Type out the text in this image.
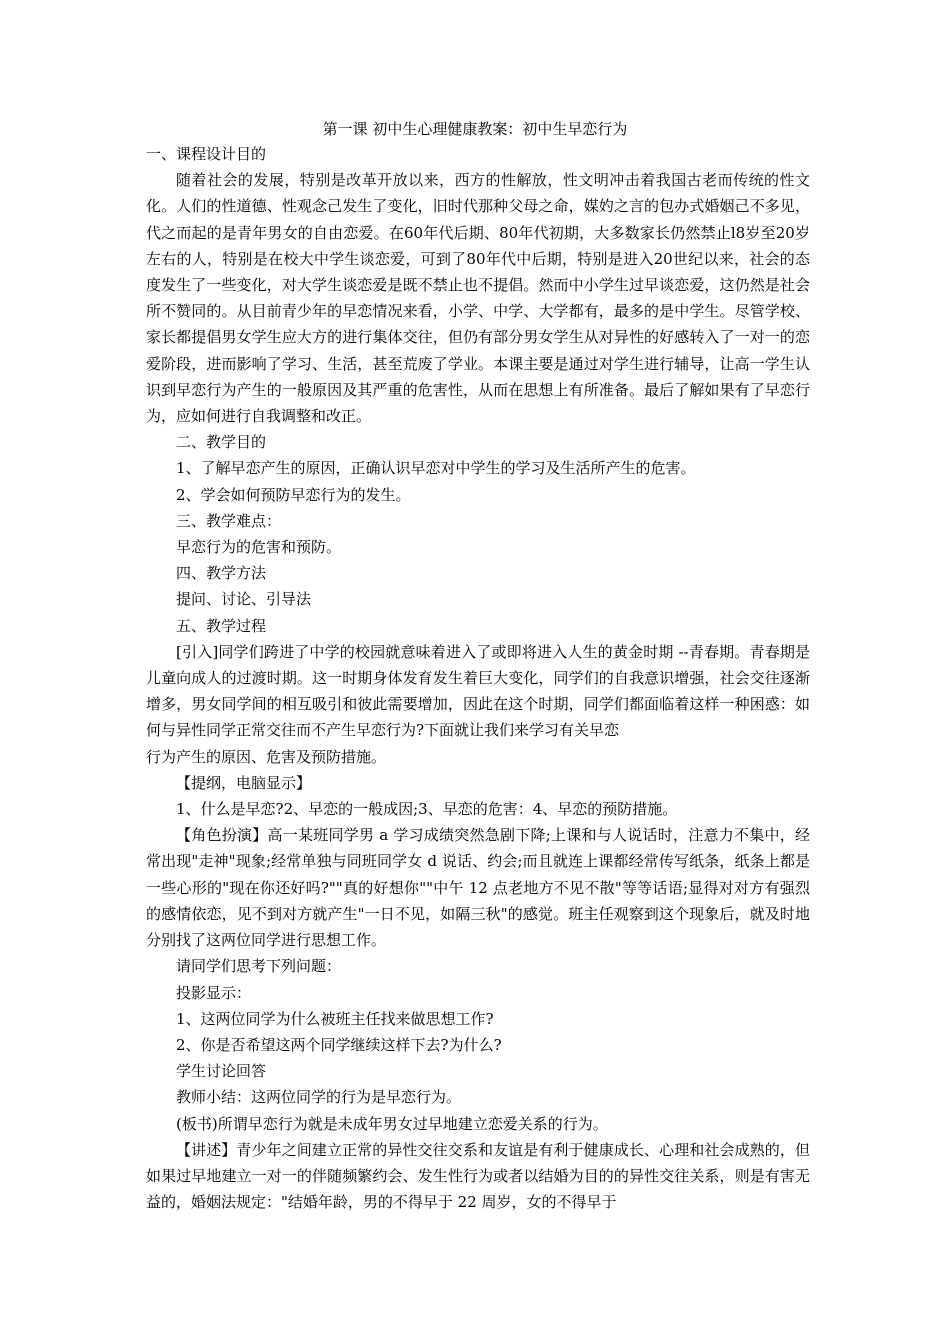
第一课 初中生心理健康教案：初中生早恋行为

一、课程设计目的

随着社会的发展，特别是改革开放以来，西方的性解放，性文明冲击着我国古老而传统的性文化。人们的性道德、性观念己发生了变化，旧时代那种父母之命，媒妁之言的包办式婚姻己不多见，代之而起的是青年男女的自由恋爱。在60年代后期、80年代初期，大多数家长仍然禁止l8岁至20岁左右的人，特别是在校大中学生谈恋爱，可到了80年代中后期，特别是进入20世纪以来，社会的态度发生了一些变化，对大学生谈恋爱是既不禁止也不提倡。然而中小学生过早谈恋爱，这仍然是社会所不赞同的。从目前青少年的早恋情况来看，小学、中学、大学都有，最多的是中学生。尽管学校、家长都提倡男女学生应大方的进行集体交往，但仍有部分男女学生从对异性的好感转入了一对一的恋爱阶段，进而影响了学习、生活，甚至荒废了学业。本课主要是通过对学生进行辅导，让高一学生认识到早恋行为产生的一般原因及其严重的危害性，从而在思想上有所准备。最后了解如果有了早恋行为，应如何进行自我调整和改正。

二、教学目的

1、了解早恋产生的原因，正确认识早恋对中学生的学习及生活所产生的危害。

2、学会如何预防早恋行为的发生。

三、教学难点：

早恋行为的危害和预防。

四、教学方法

提问、讨论、引导法

五、教学过程

[引入]同学们跨进了中学的校园就意味着进入了或即将进入人生的黄金时期 --青春期。青春期是儿童向成人的过渡时期。这一时期身体发育发生着巨大变化，同学们的自我意识增强，社会交往逐渐增多，男女同学间的相互吸引和彼此需要增加，因此在这个时期，同学们都面临着这样一种困惑：如何与异性同学正常交往而不产生早恋行为?下面就让我们来学习有关早恋

行为产生的原因、危害及预防措施。

【提纲，电脑显示】

1、什么是早恋?2、早恋的一般成因;3、早恋的危害：4、早恋的预防措施。

【角色扮演】高一某班同学男 a 学习成绩突然急剧下降;上课和与人说话时，注意力不集中，经常出现"走神"现象;经常单独与同班同学女 d 说话、约会;而且就连上课都经常传写纸条，纸条上都是一些心形的"现在你还好吗?""真的好想你""中午 12 点老地方不见不散"等等话语;显得对对方有强烈的感情依恋，见不到对方就产生"一日不见，如隔三秋"的感觉。班主任观察到这个现象后，就及时地分别找了这两位同学进行思想工作。

请同学们思考下列问题：

投影显示：

1、这两位同学为什么被班主任找来做思想工作?

2、你是否希望这两个同学继续这样下去?为什么?

学生讨论回答

教师小结：这两位同学的行为是早恋行为。

(板书)所谓早恋行为就是未成年男女过早地建立恋爱关系的行为。

【讲述】青少年之间建立正常的异性交往交系和友谊是有利于健康成长、心理和社会成熟的，但如果过早地建立一对一的伴随频繁约会、发生性行为或者以结婚为目的的异性交往关系，则是有害无益的，婚姻法规定："结婚年龄，男的不得早于 22 周岁，女的不得早于
